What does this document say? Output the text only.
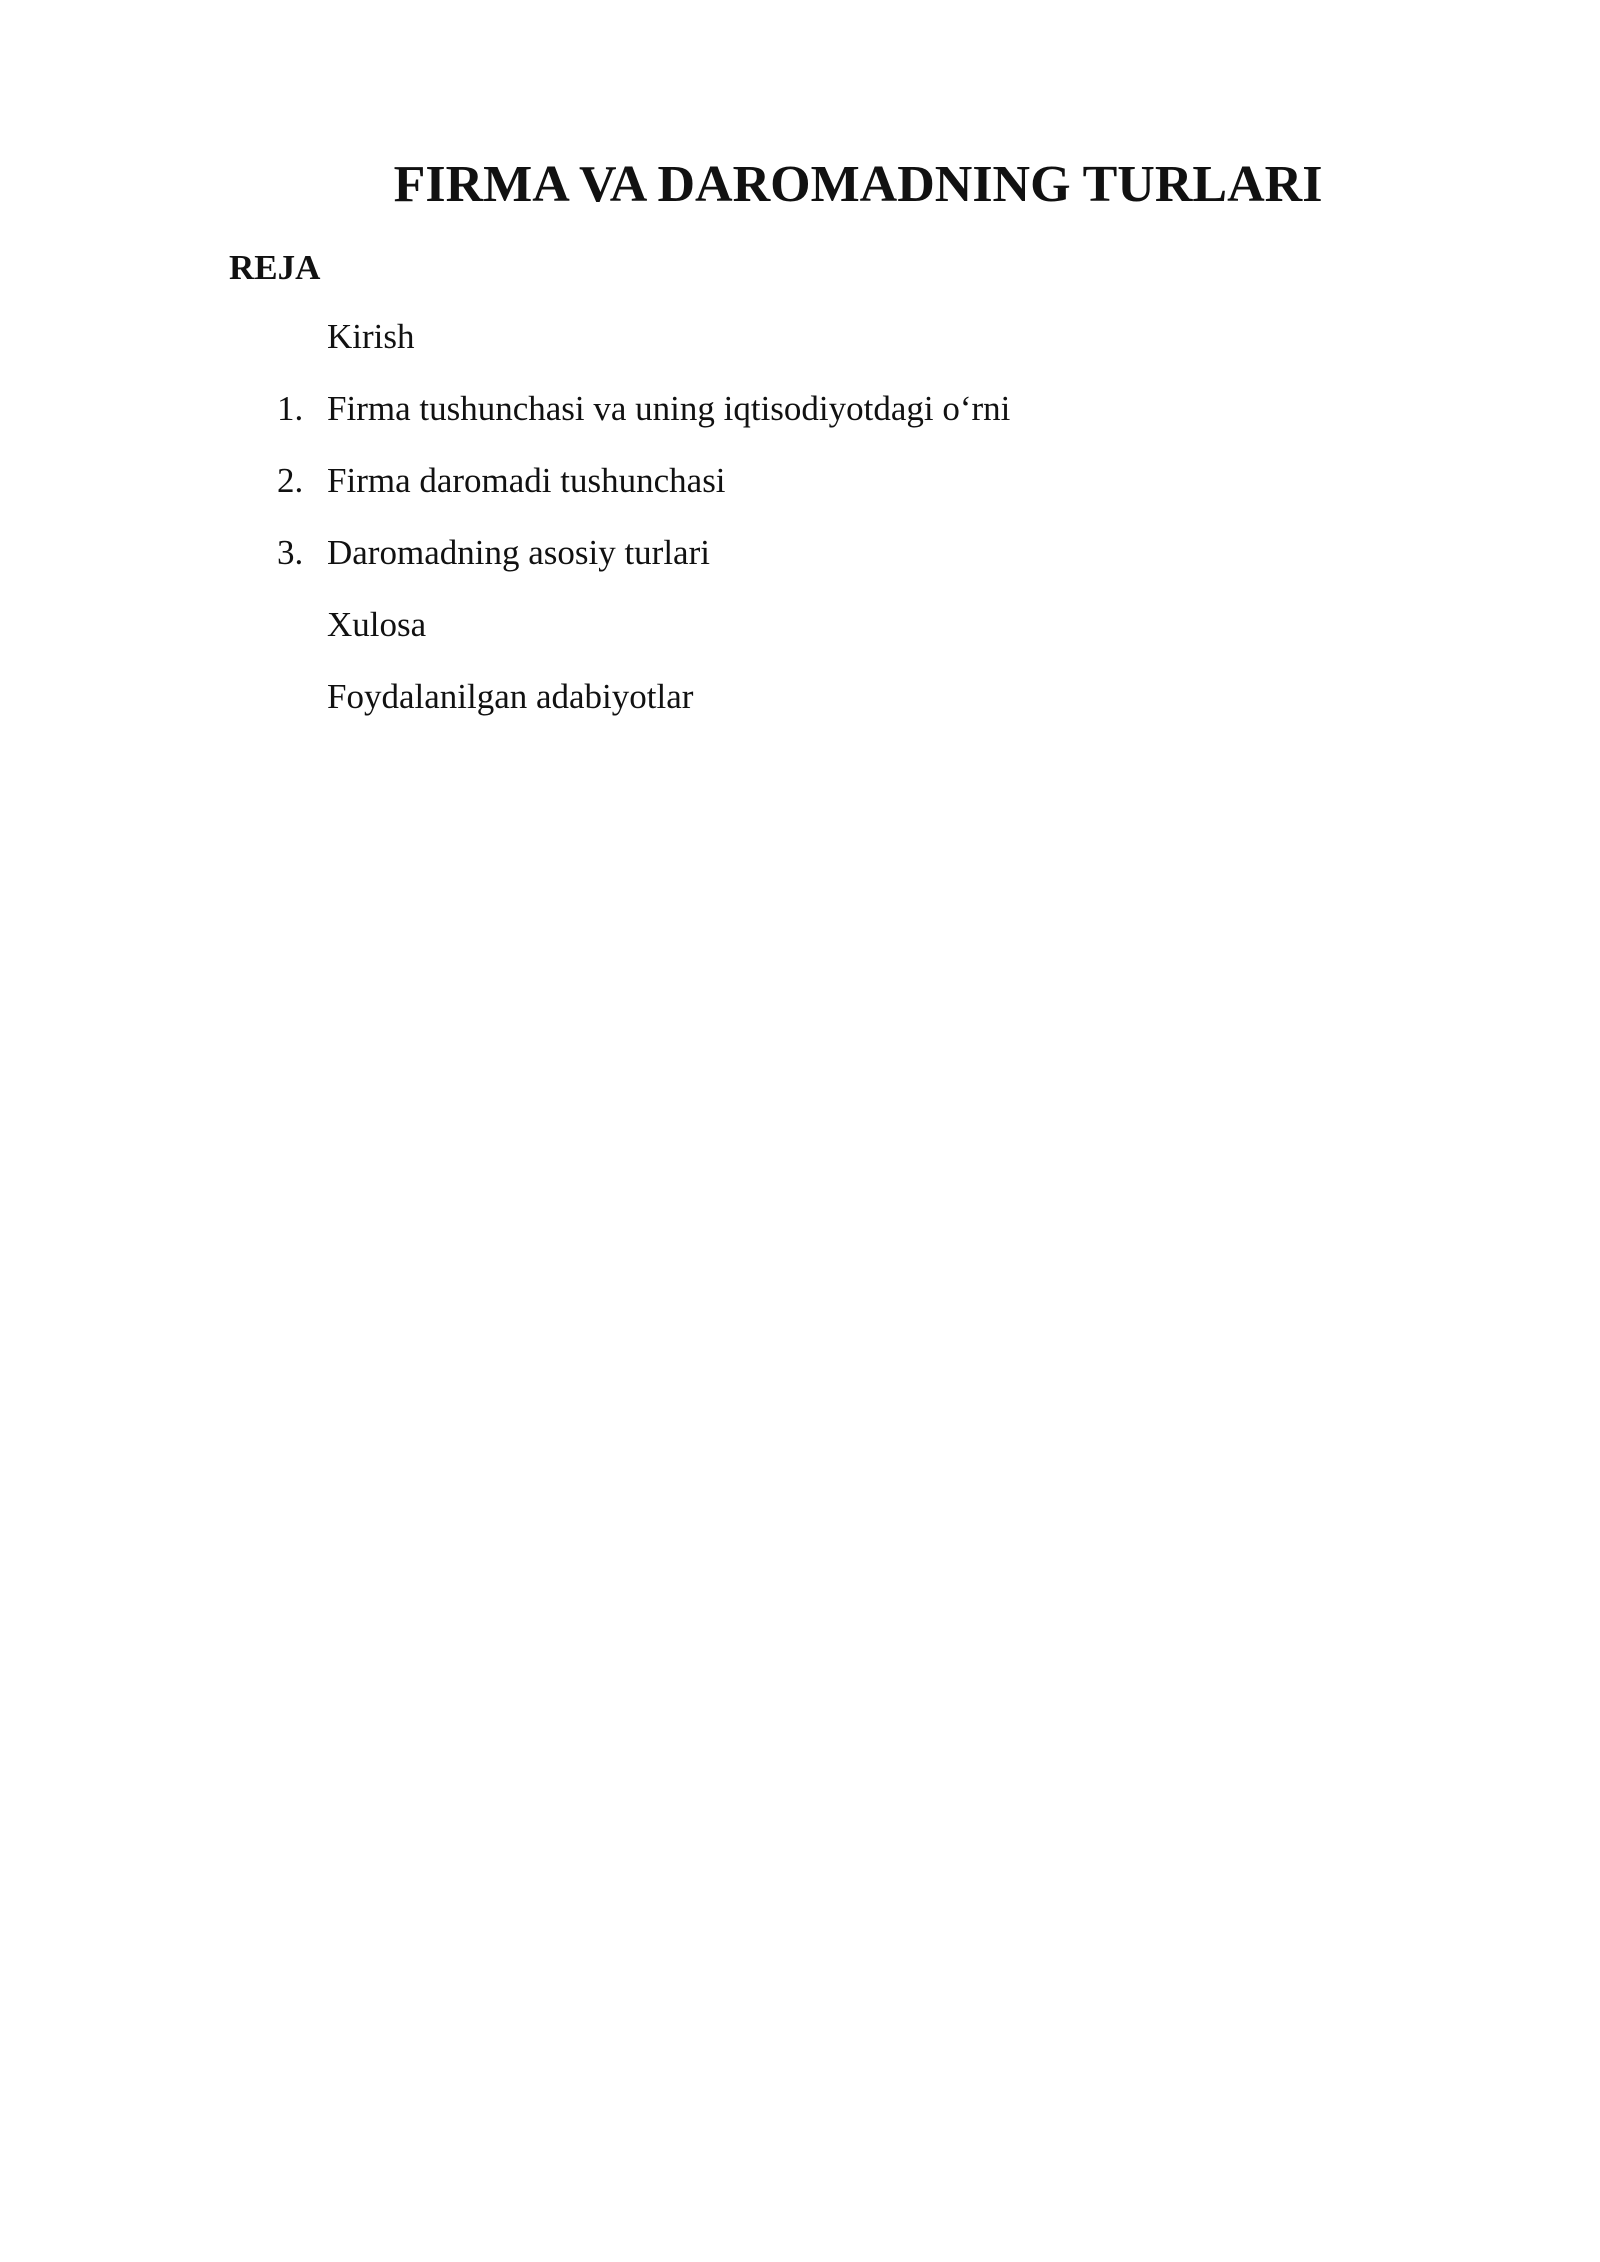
FIRMA VA DAROMADNING TURLARI
REJA
Kirish
1. Firma tushunchasi va uning iqtisodiyotdagi o‘rni
2. Firma daromadi tushunchasi
3. Daromadning asosiy turlari
Xulosa
Foydalanilgan adabiyotlar
